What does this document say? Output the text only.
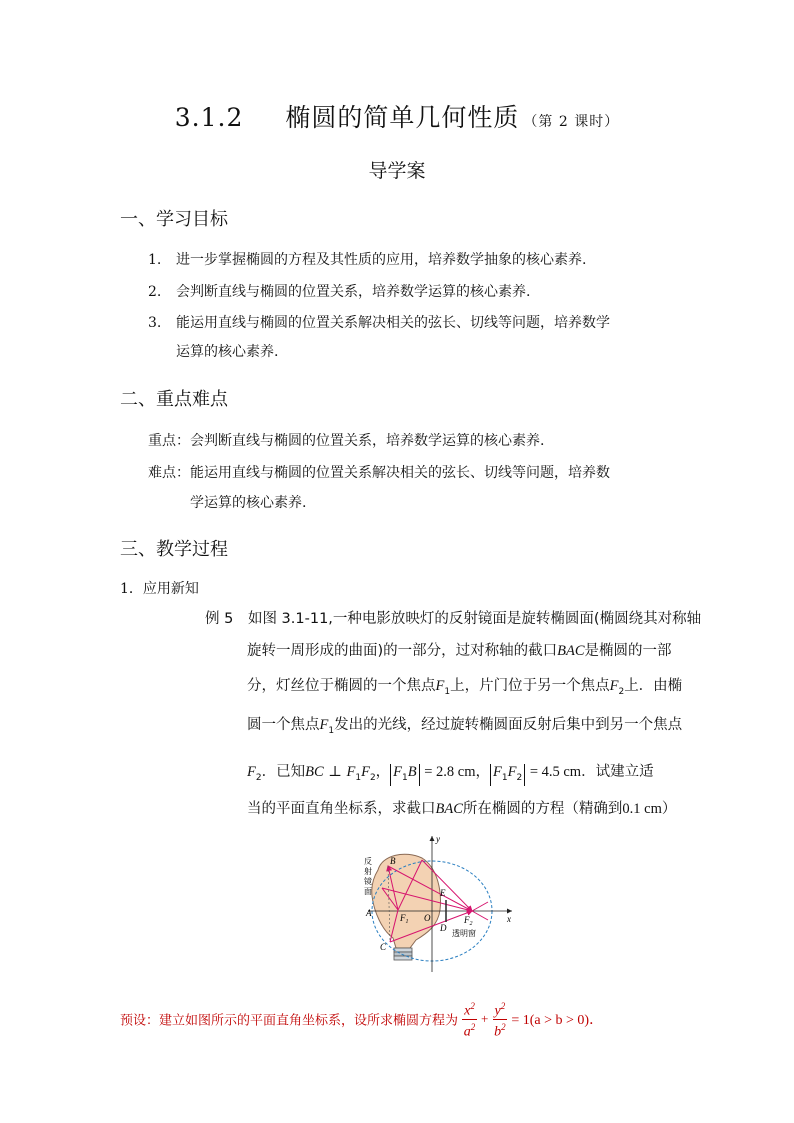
3.1.2 椭圆的简单几何性质 （第 2 课时）
导学案
一、学习目标
1. 进一步掌握椭圆的方程及其性质的应用，培养数学抽象的核心素养.
2. 会判断直线与椭圆的位置关系，培养数学运算的核心素养.
3. 能运用直线与椭圆的位置关系解决相关的弦长、切线等问题，培养数学
运算的核心素养.
二、重点难点
重点：会判断直线与椭圆的位置关系，培养数学运算的核心素养.
难点：能运用直线与椭圆的位置关系解决相关的弦长、切线等问题，培养数
学运算的核心素养.
三、教学过程
1．应用新知
例 5 如图 3.1-11,一种电影放映灯的反射镜面是旋转椭圆面(椭圆绕其对称轴
旋转一周形成的曲面)的一部分，过对称轴的截口BAC是椭圆的一部
分，灯丝位于椭圆的一个焦点$F_1$上，片门位于另一个焦点$F_2$上．由椭
圆一个焦点$F_1$发出的光线，经过旋转椭圆面反射后集中到另一个焦点
$F_2$．已知BC ⊥ $F_1F_2$， $F_1B = 2.8$ cm， $F_1F_2 = 4.5$ cm．试建立适
当的平面直角坐标系，求截口BAC所在椭圆的方程（精确到0.1 cm）
y
x
B
A
C
E
O
D
$F_1$	$F_2$
透明窗
反
射
镜
面
预设：建立如图所示的平面直角坐标系，设所求椭圆方程为 $\frac{x^2}{a^2} + \frac{y^2}{b^2} = 1(a > b > 0)$．
